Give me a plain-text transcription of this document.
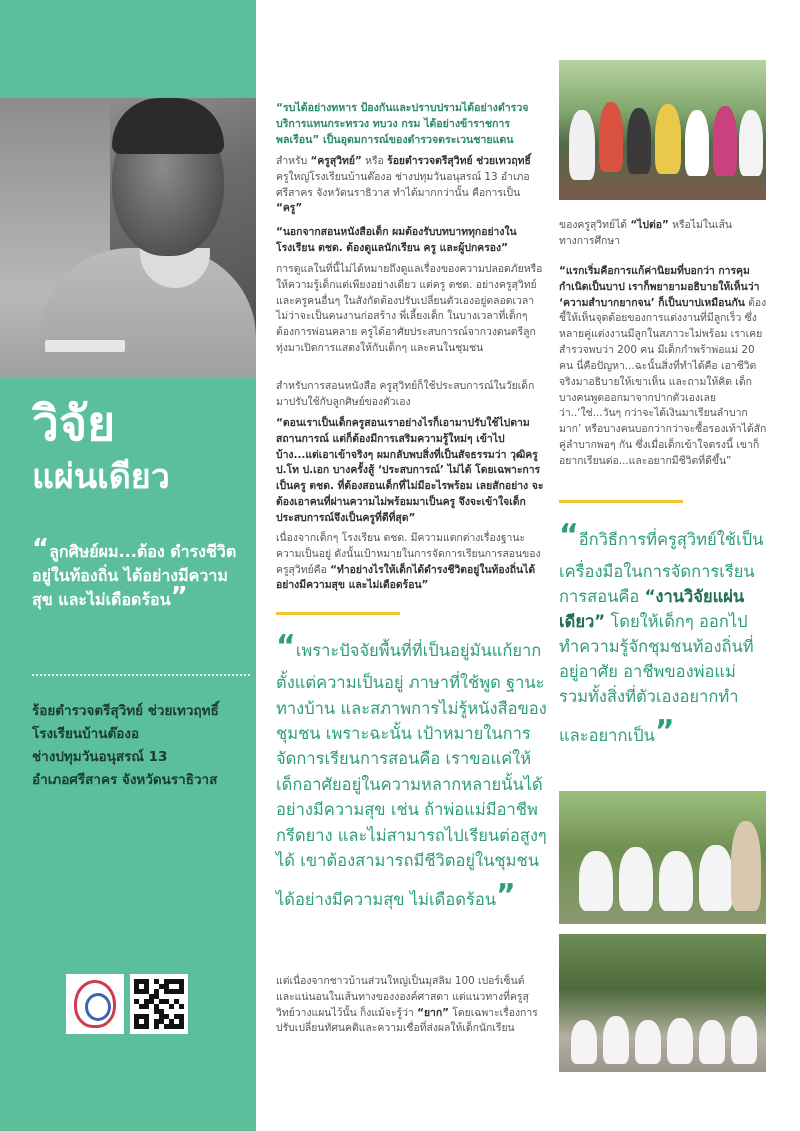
วิจัย
แผ่นเดียว
“ลูกศิษย์ผม...ต้อง ดำรงชีวิตอยู่ในท้องถิ่น ได้อย่างมีความสุข และไม่เดือดร้อน”
ร้อยตำรวจตรีสุวิทย์ ช่วยเทวฤทธิ์
โรงเรียนบ้านต๊องอ
ช่างปทุมวันอนุสรณ์ 13
อำเภอศรีสาคร จังหวัดนราธิวาส
“รบได้อย่างทหาร ป้องกันและปราบปรามได้อย่างตำรวจ บริการแทนกระทรวง ทบวง กรม ได้อย่างข้าราชการพลเรือน” เป็นอุดมการณ์ของตำรวจตระเวนชายแดน
สำหรับ “ครูสุวิทย์” หรือ ร้อยตำรวจตรีสุวิทย์ ช่วยเทวฤทธิ์ ครูใหญ่โรงเรียนบ้านต๊องอ ช่างปทุมวันอนุสรณ์ 13 อำเภอศรีสาคร จังหวัดนราธิวาส ทำได้มากกว่านั้น คือการเป็น “ครู”
“นอกจากสอนหนังสือเด็ก ผมต้องรับบทบาททุกอย่างในโรงเรียน ตชด. ต้องดูแลนักเรียน ครู และผู้ปกครอง”
การดูแลในที่นี้ไม่ได้หมายถึงดูแลเรื่องของความปลอดภัยหรือให้ความรู้เด็กแต่เพียงอย่างเดียว แต่ครู ตชด. อย่างครูสุวิทย์ และครูคนอื่นๆ ในสังกัดต้องปรับเปลี่ยนตัวเองอยู่ตลอดเวลา ไม่ว่าจะเป็นคนงานก่อสร้าง พี่เลี้ยงเด็ก ในบางเวลาที่เด็กๆ ต้องการพ่อนคลาย ครูได้อาศัยประสบการณ์จากวงดนตรีลูกทุ่งมาเปิดการแสดงให้กับเด็กๆ และคนในชุมชน
สำหรับการสอนหนังสือ ครูสุวิทย์ก็ใช้ประสบการณ์ในวัยเด็กมาปรับใช้กับลูกศิษย์ของตัวเอง
“ตอนเราเป็นเด็กครูสอนเราอย่างไรก็เอามาปรับใช้ไปตามสถานการณ์ แต่ก็ต้องมีการเสริมความรู้ใหม่ๆ เข้าไปบ้าง...แต่เอาเข้าจริงๆ ผมกลับพบสิ่งที่เป็นสัจธรรมว่า วุฒิครู ป.โท ป.เอก บางครั้งสู้ ‘ประสบการณ์’ ไม่ได้ โดยเฉพาะการเป็นครู ตชด. ที่ต้องสอนเด็กที่ไม่มีอะไรพร้อม เลยสักอย่าง จะต้องเอาคนที่ผ่านความไม่พร้อมมาเป็นครู จึงจะเข้าใจเด็ก ประสบการณ์จึงเป็นครูที่ดีที่สุด”
เนื่องจากเด็กๆ โรงเรียน ตชด. มีความแตกต่างเรื่องฐานะความเป็นอยู่ ดังนั้นเป้าหมายในการจัดการเรียนการสอนของครูสุวิทย์คือ “ทำอย่างไรให้เด็กได้ดำรงชีวิตอยู่ในท้องถิ่นได้อย่างมีความสุข และไม่เดือดร้อน”
“เพราะปัจจัยพื้นที่ที่เป็นอยู่มันแก้ยาก ตั้งแต่ความเป็นอยู่ ภาษาที่ใช้พูด ฐานะทางบ้าน และสภาพการไม่รู้หนังสือของชุมชน เพราะฉะนั้น เป้าหมายในการจัดการเรียนการสอนคือ เราขอแค่ให้เด็กอาศัยอยู่ในความหลากหลายนั้นได้อย่างมีความสุข เช่น ถ้าพ่อแม่มีอาชีพกรีดยาง และไม่สามารถไปเรียนต่อสูงๆ ได้ เขาต้องสามารถมีชีวิตอยู่ในชุมชนได้อย่างมีความสุข ไม่เดือดร้อน”
แต่เนื่องจากชาวบ้านส่วนใหญ่เป็นมุสลิม 100 เปอร์เซ็นต์ และแน่นอนในเส้นทางของงองค์ศาสดา แต่แนวทางที่ครูสุวิทย์วางแผนไว้นั้น ก็งแม้จะรู้ว่า “ยาก” โดยเฉพาะเรื่องการปรับเปลี่ยนทัศนคติและความเชื่อที่ส่งผลให้เด็กนักเรียน
ของครูสุวิทย์ได้ “ไปต่อ” หรือไม่ในเส้นทางการศึกษา
“แรกเริ่มคือการแก้ค่านิยมที่บอกว่า การคุมกำเนิดเป็นบาป เราก็พยายามอธิบายให้เห็นว่า ‘ความสำบากยากจน’ ก็เป็นบาปเหมือนกัน ต้องชี้ให้เห็นจุดด้อยของการแต่งงานที่มีลูกเร็ว ซึ่งหลายคู่แต่งงานมีลูกในสภาวะไม่พร้อม เราเคยสำรวจพบว่า 200 คน มีเด็กกำพร้าพ่อแม่ 20 คน นี่คือปัญหา...ฉะนั้นสิ่งที่ทำได้คือ เอาชีวิตจริงมาอธิบายให้เขาเห็น และถามให้คิด เด็กบางคนพูดออกมาจากปากตัวเองเลยว่า..‘ใช่...วันๆ กว่าจะได้เงินมาเรียนลำบากมาก’ หรือบางคนบอกว่ากว่าจะซื้อรองเท้าได้สักคู่ลำบากพอๆ กัน ซึ่งเมื่อเด็กเข้าใจตรงนี้ เขาก็อยากเรียนต่อ...และอยากมีชีวิตที่ดีขึ้น”
“อีกวิธีการที่ครูสุวิทย์ใช้เป็นเครื่องมือในการจัดการเรียนการสอนคือ “งานวิจัยแผ่นเดียว” โดยให้เด็กๆ ออกไปทำความรู้จักชุมชนท้องถิ่นที่อยู่อาศัย อาชีพของพ่อแม่ รวมทั้งสิ่งที่ตัวเองอยากทำ และอยากเป็น”
